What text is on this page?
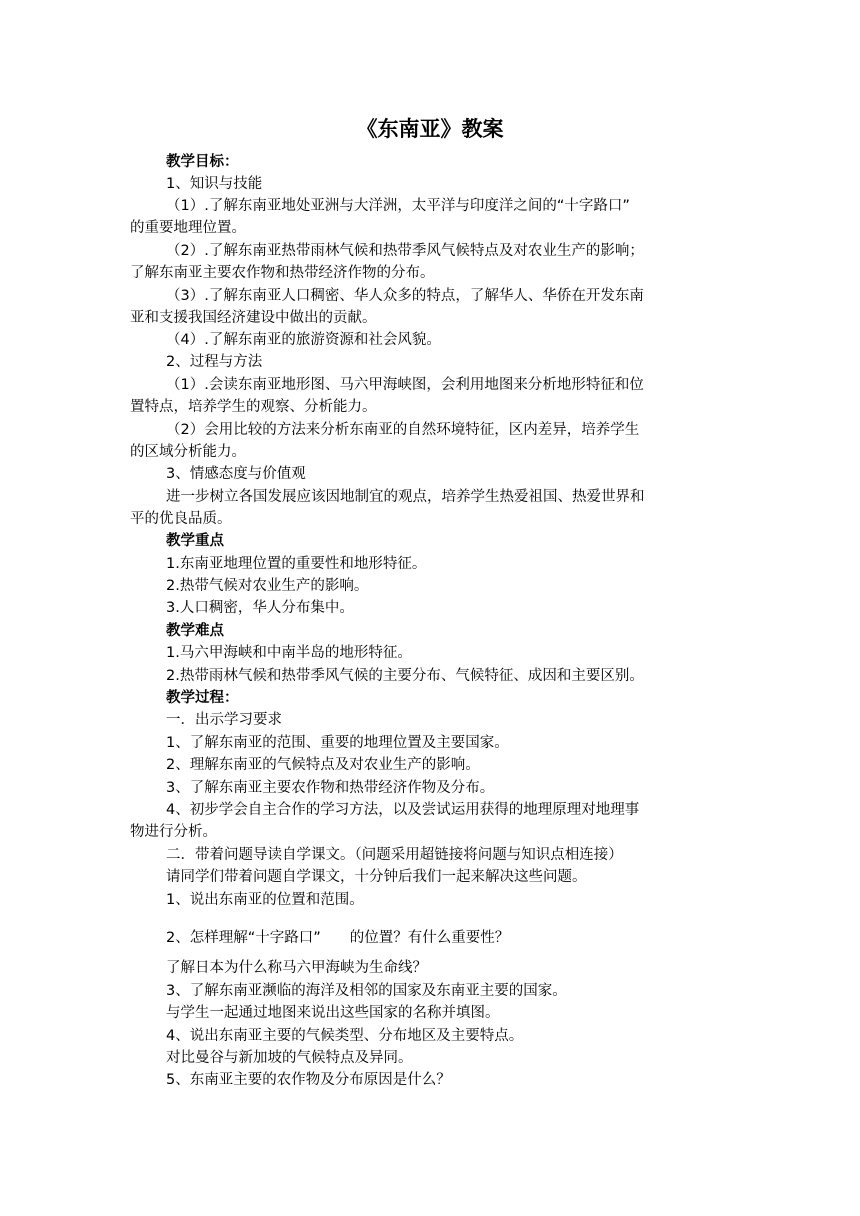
《东南亚》教案
教学目标：
1、知识与技能
（1）.了解东南亚地处亚洲与大洋洲，太平洋与印度洋之间的“十字路口”
的重要地理位置。
（2）.了解东南亚热带雨林气候和热带季风气候特点及对农业生产的影响；
了解东南亚主要农作物和热带经济作物的分布。
（3）.了解东南亚人口稠密、华人众多的特点，了解华人、华侨在开发东南
亚和支援我国经济建设中做出的贡献。
（4）.了解东南亚的旅游资源和社会风貌。
2、过程与方法
（1）.会读东南亚地形图、马六甲海峡图，会利用地图来分析地形特征和位
置特点，培养学生的观察、分析能力。
（2）会用比较的方法来分析东南亚的自然环境特征，区内差异，培养学生
的区域分析能力。
3、情感态度与价值观
进一步树立各国发展应该因地制宜的观点，培养学生热爱祖国、热爱世界和
平的优良品质。
教学重点
1.东南亚地理位置的重要性和地形特征。
2.热带气候对农业生产的影响。
3.人口稠密，华人分布集中。
教学难点
1.马六甲海峡和中南半岛的地形特征。
2.热带雨林气候和热带季风气候的主要分布、气候特征、成因和主要区别。
教学过程：
一．出示学习要求
1、了解东南亚的范围、重要的地理位置及主要国家。
2、理解东南亚的气候特点及对农业生产的影响。
3、了解东南亚主要农作物和热带经济作物及分布。
4、初步学会自主合作的学习方法，以及尝试运用获得的地理原理对地理事
物进行分析。
二．带着问题导读自学课文。（问题采用超链接将问题与知识点相连接）
请同学们带着问题自学课文，十分钟后我们一起来解决这些问题。
1、说出东南亚的位置和范围。
2、怎样理解“十字路口”　　的位置？有什么重要性？
了解日本为什么称马六甲海峡为生命线？
3、了解东南亚濒临的海洋及相邻的国家及东南亚主要的国家。
与学生一起通过地图来说出这些国家的名称并填图。
4、说出东南亚主要的气候类型、分布地区及主要特点。
对比曼谷与新加坡的气候特点及异同。
5、东南亚主要的农作物及分布原因是什么？
